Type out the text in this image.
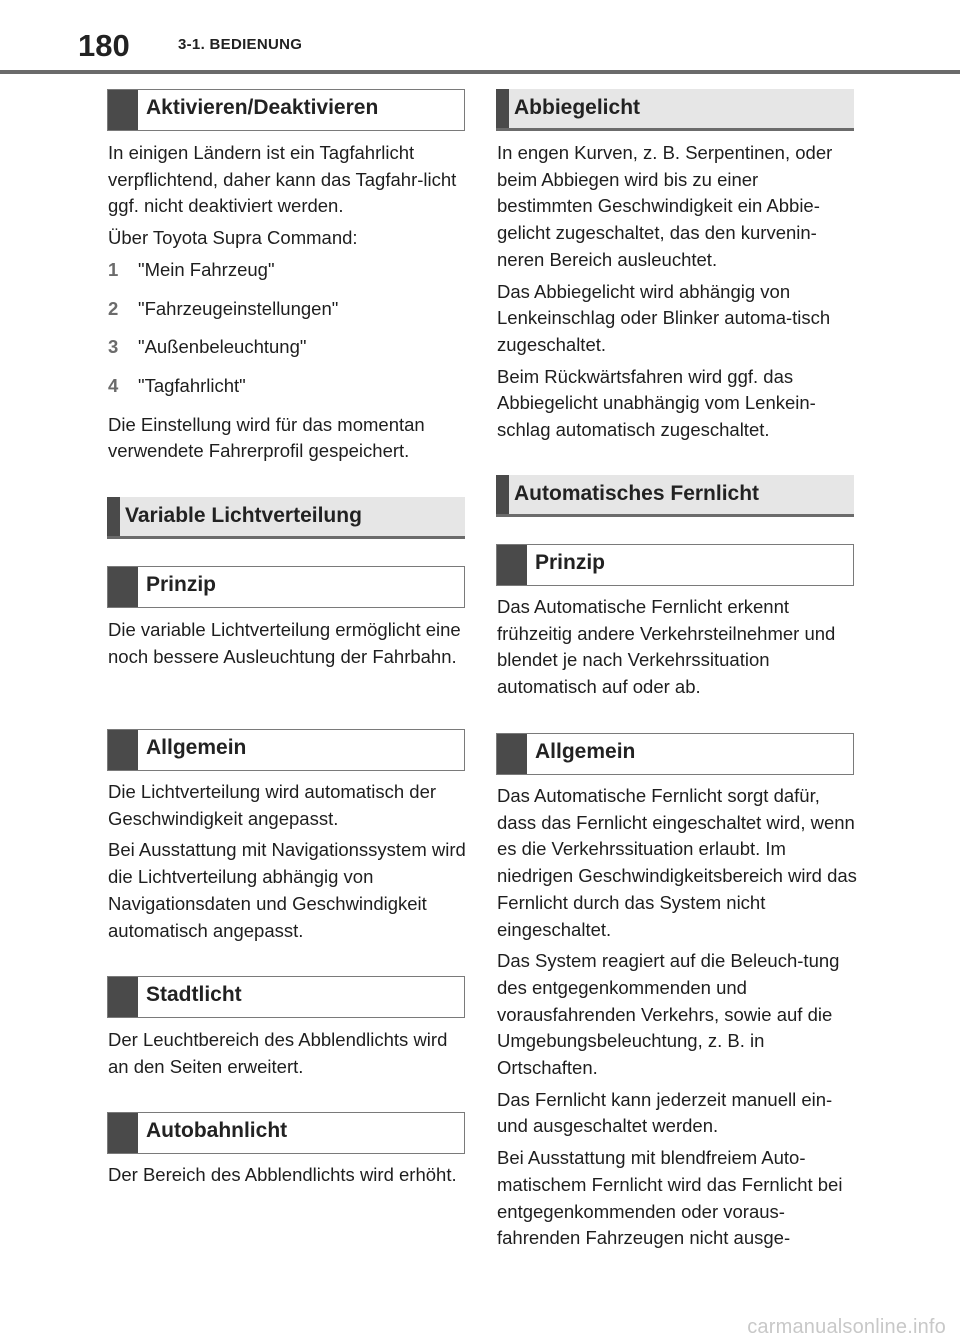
180	3-1. BEDIENUNG
Aktivieren/Deaktivieren

In einigen Ländern ist ein Tagfahrlicht verpflichtend, daher kann das Tagfahr-licht ggf. nicht deaktiviert werden.

Über Toyota Supra Command:

1 "Mein Fahrzeug"
2 "Fahrzeugeinstellungen"
3 "Außenbeleuchtung"
4 "Tagfahrlicht"

Die Einstellung wird für das momentan verwendete Fahrerprofil gespeichert.

Variable Lichtverteilung
Prinzip

Die variable Lichtverteilung ermöglicht eine noch bessere Ausleuchtung der Fahrbahn.

Allgemein

Die Lichtverteilung wird automatisch der Geschwindigkeit angepasst.

Bei Ausstattung mit Navigationssystem wird die Lichtverteilung abhängig von Navigationsdaten und Geschwindigkeit automatisch angepasst.

Stadtlicht

Der Leuchtbereich des Abblendlichts wird an den Seiten erweitert.

Autobahnlicht

Der Bereich des Abblendlichts wird erhöht.

Abbiegelicht

In engen Kurven, z. B. Serpentinen, oder beim Abbiegen wird bis zu einer bestimmten Geschwindigkeit ein Abbie-gelicht zugeschaltet, das den kurvenin-neren Bereich ausleuchtet.

Das Abbiegelicht wird abhängig von Lenkeinschlag oder Blinker automa-tisch zugeschaltet.

Beim Rückwärtsfahren wird ggf. das Abbiegelicht unabhängig vom Lenkein-schlag automatisch zugeschaltet.

Automatisches Fernlicht
Prinzip

Das Automatische Fernlicht erkennt frühzeitig andere Verkehrsteilnehmer und blendet je nach Verkehrssituation automatisch auf oder ab.

Allgemein

Das Automatische Fernlicht sorgt dafür, dass das Fernlicht eingeschaltet wird, wenn es die Verkehrssituation erlaubt. Im niedrigen Geschwindigkeitsbereich wird das Fernlicht durch das System nicht eingeschaltet.

Das System reagiert auf die Beleuch-tung des entgegenkommenden und vorausfahrenden Verkehrs, sowie auf die Umgebungsbeleuchtung, z. B. in Ortschaften.

Das Fernlicht kann jederzeit manuell ein- und ausgeschaltet werden.

Bei Ausstattung mit blendfreiem Auto-matischem Fernlicht wird das Fernlicht bei entgegenkommenden oder voraus-fahrenden Fahrzeugen nicht ausge-

carmanualsonline.info
